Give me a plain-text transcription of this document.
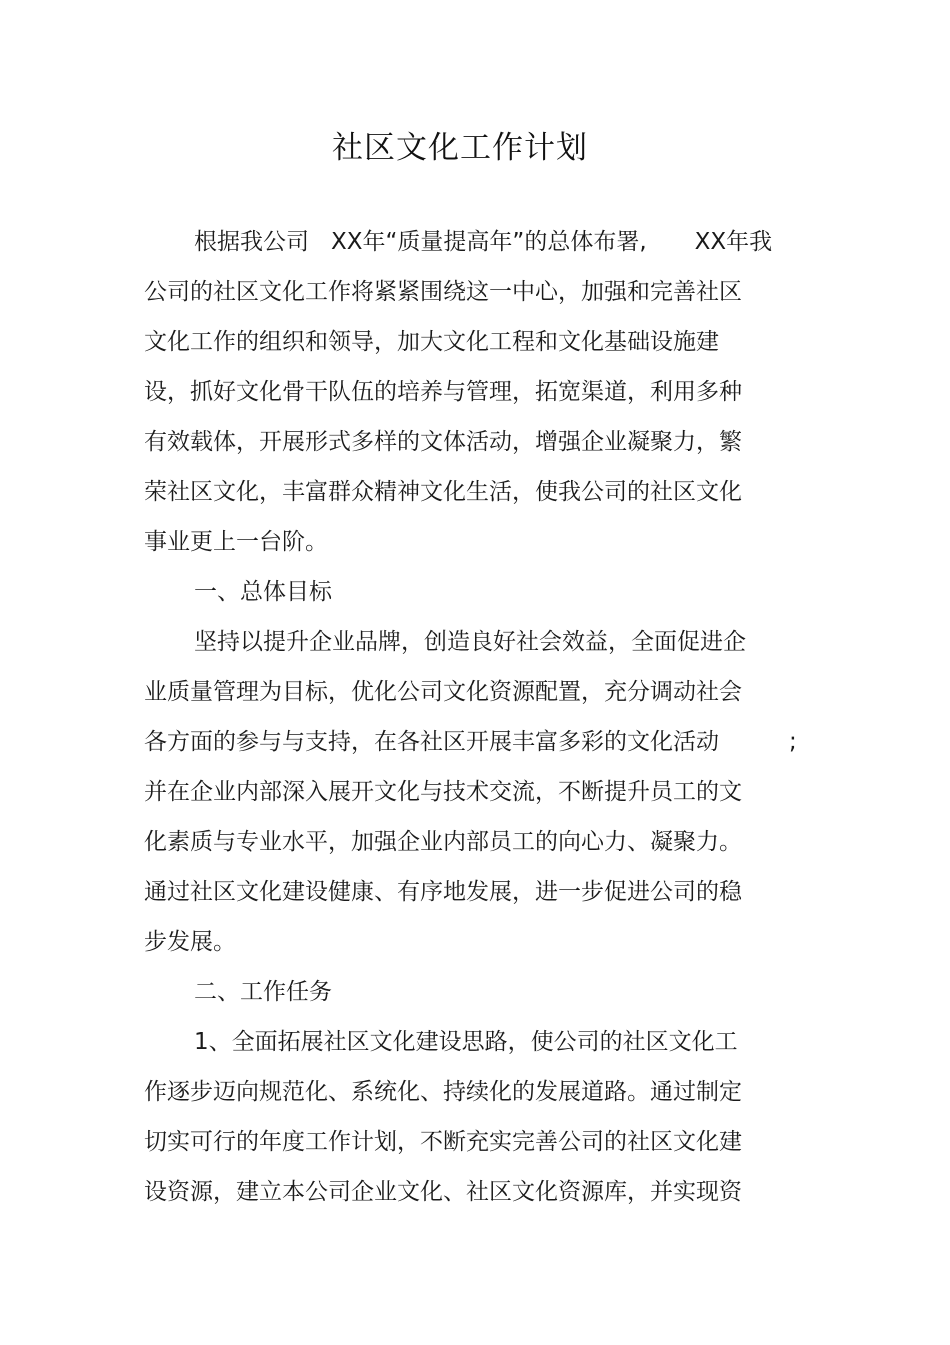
社区文化工作计划
根据我公司 XX年“质量提高年”的总体布署, XX年我
公司的社区文化工作将紧紧围绕这一中心，加强和完善社区
文化工作的组织和领导，加大文化工程和文化基础设施建
设，抓好文化骨干队伍的培养与管理，拓宽渠道，利用多种
有效载体，开展形式多样的文体活动，增强企业凝聚力，繁
荣社区文化，丰富群众精神文化生活，使我公司的社区文化
事业更上一台阶。
一、总体目标
坚持以提升企业品牌，创造良好社会效益，全面促进企
业质量管理为目标，优化公司文化资源配置，充分调动社会
各方面的参与与支持，在各社区开展丰富多彩的文化活动	;
并在企业内部深入展开文化与技术交流，不断提升员工的文
化素质与专业水平，加强企业内部员工的向心力、凝聚力。
通过社区文化建设健康、有序地发展，进一步促进公司的稳
步发展。
二、工作任务
1、全面拓展社区文化建设思路，使公司的社区文化工
作逐步迈向规范化、系统化、持续化的发展道路。通过制定
切实可行的年度工作计划，不断充实完善公司的社区文化建
设资源，建立本公司企业文化、社区文化资源库，并实现资
